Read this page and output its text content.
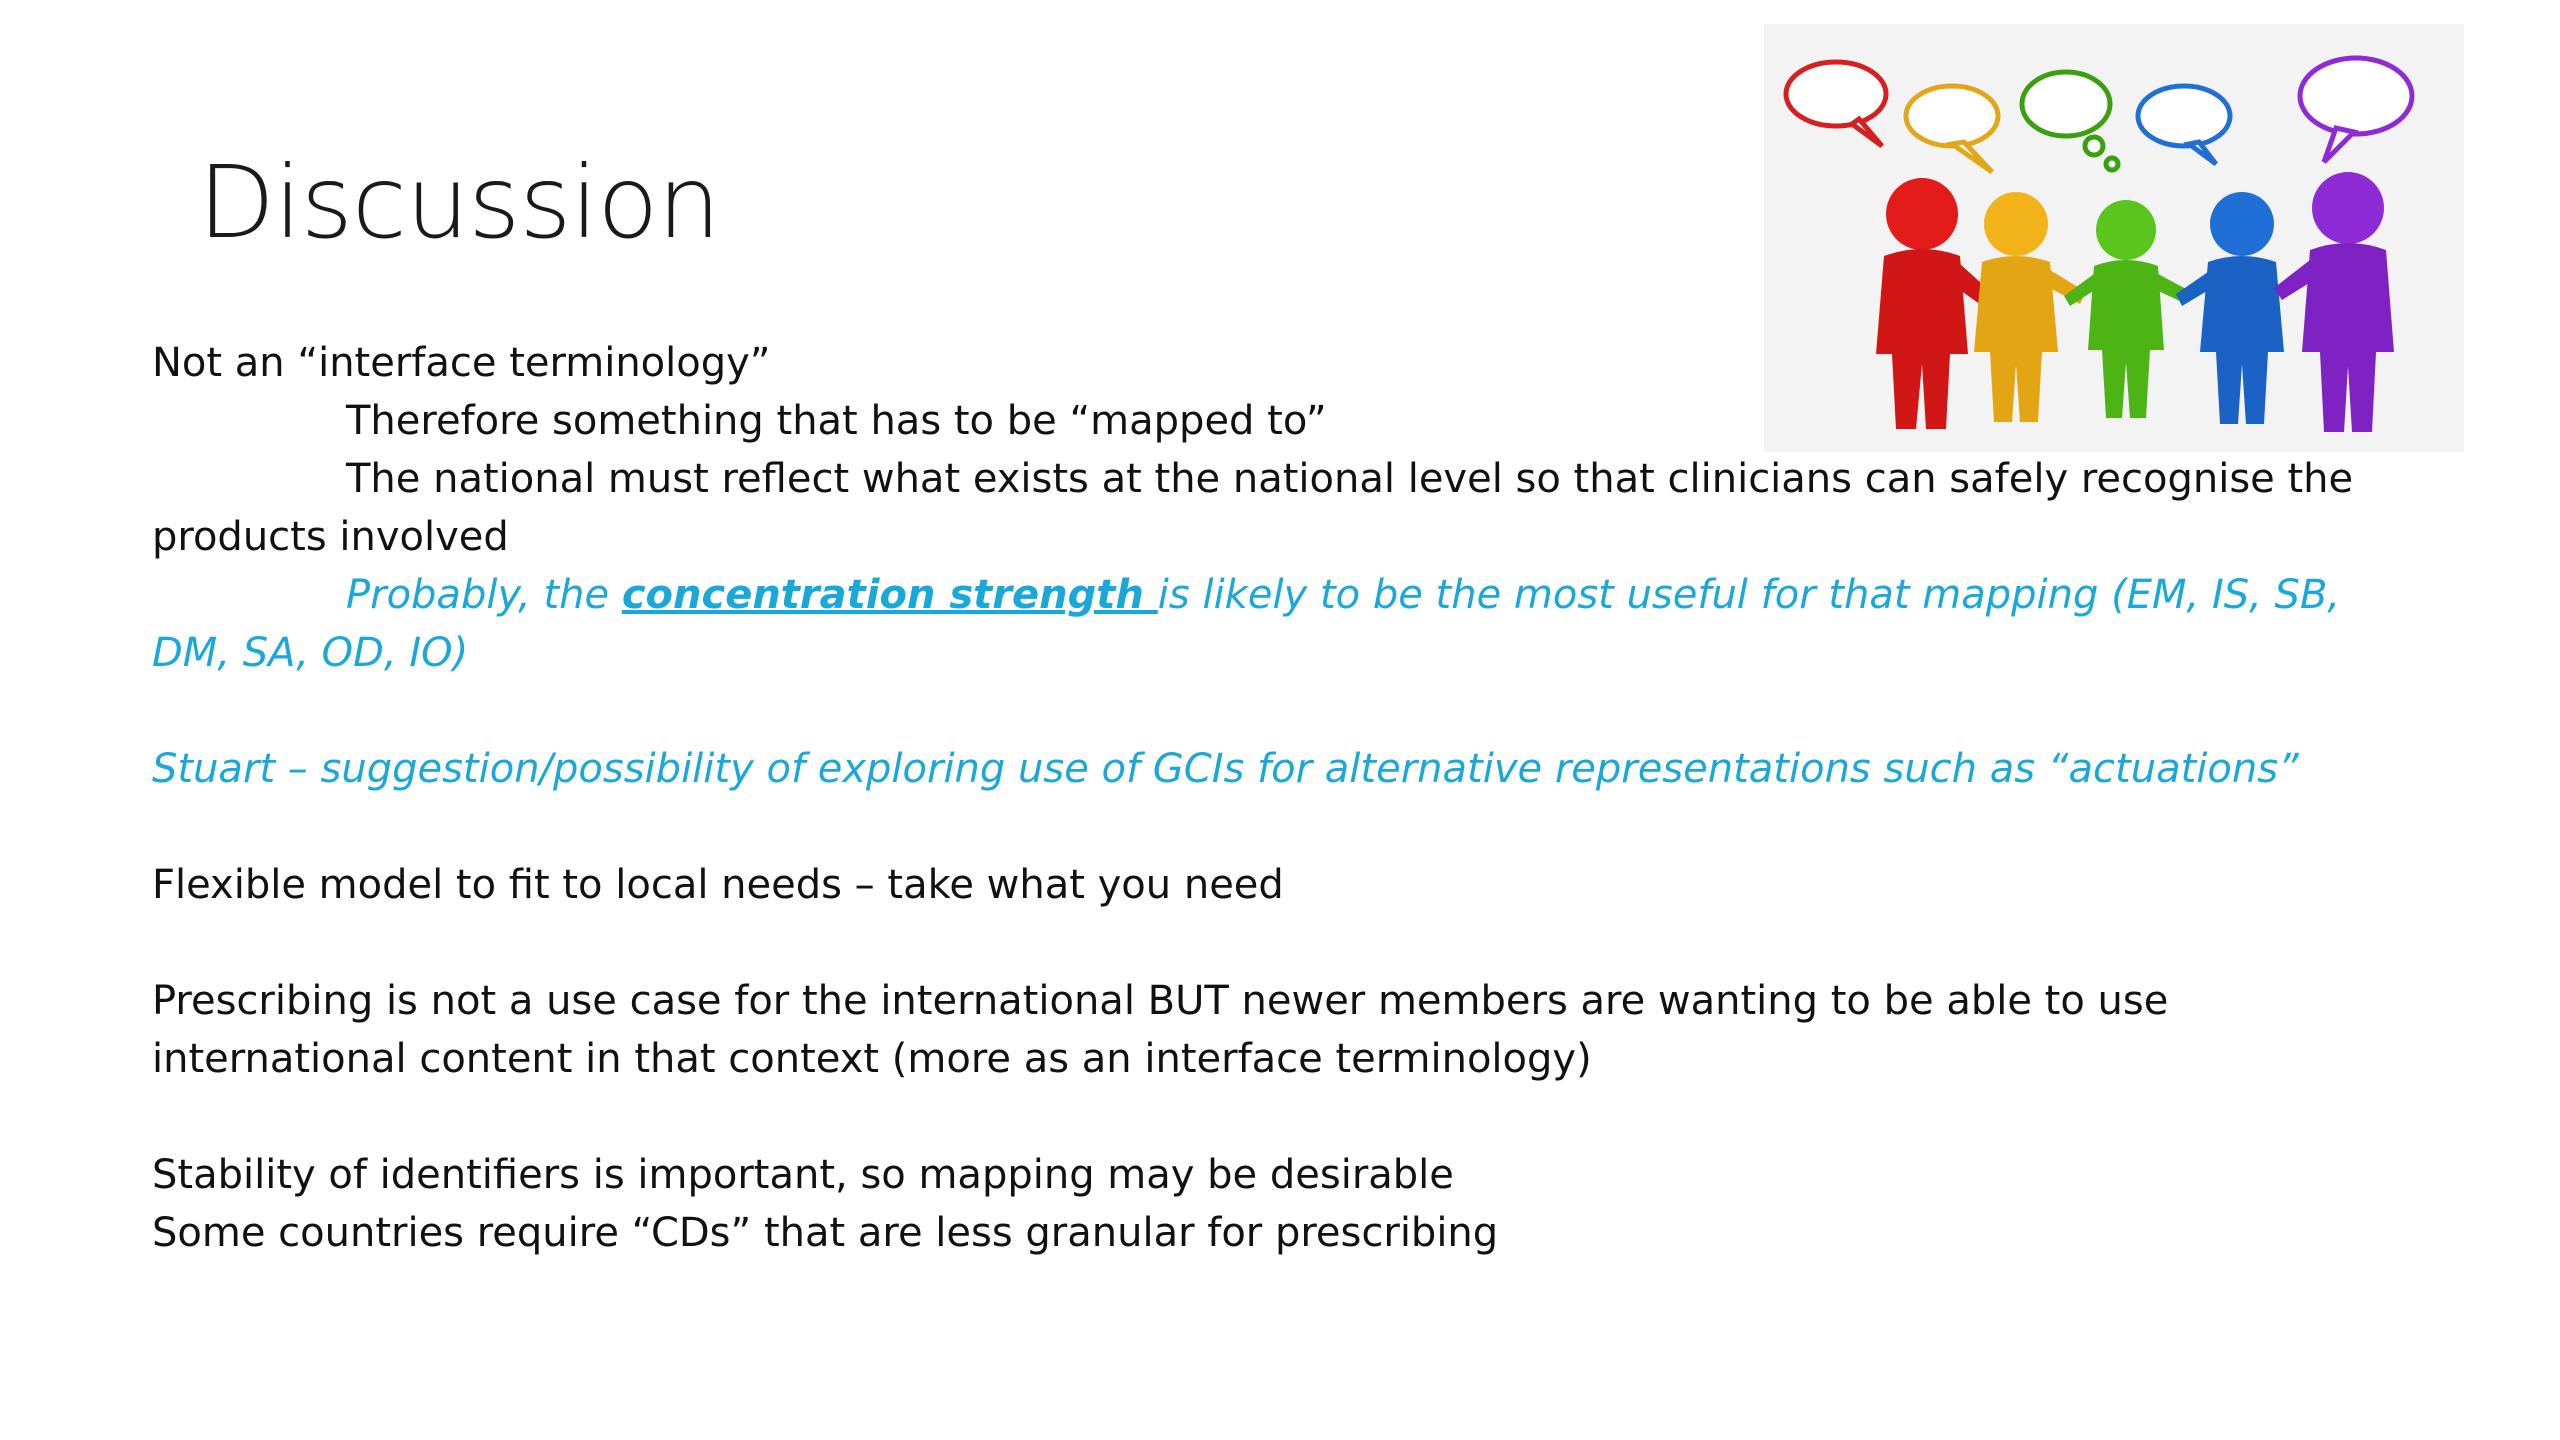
Discussion
Not an “interface terminology”
Therefore something that has to be “mapped to”
The national must reflect what exists at the national level so that clinicians can safely recognise the
products involved
Probably, the concentration strength is likely to be the most useful for that mapping (EM, IS, SB,
DM, SA, OD, IO)
Stuart – suggestion/possibility of exploring use of GCIs for alternative representations such as “actuations”
Flexible model to fit to local needs – take what you need
Prescribing is not a use case for the international BUT newer members are wanting to be able to use
international content in that context (more as an interface terminology)
Stability of identifiers is important, so mapping may be desirable
Some countries require “CDs” that are less granular for prescribing
